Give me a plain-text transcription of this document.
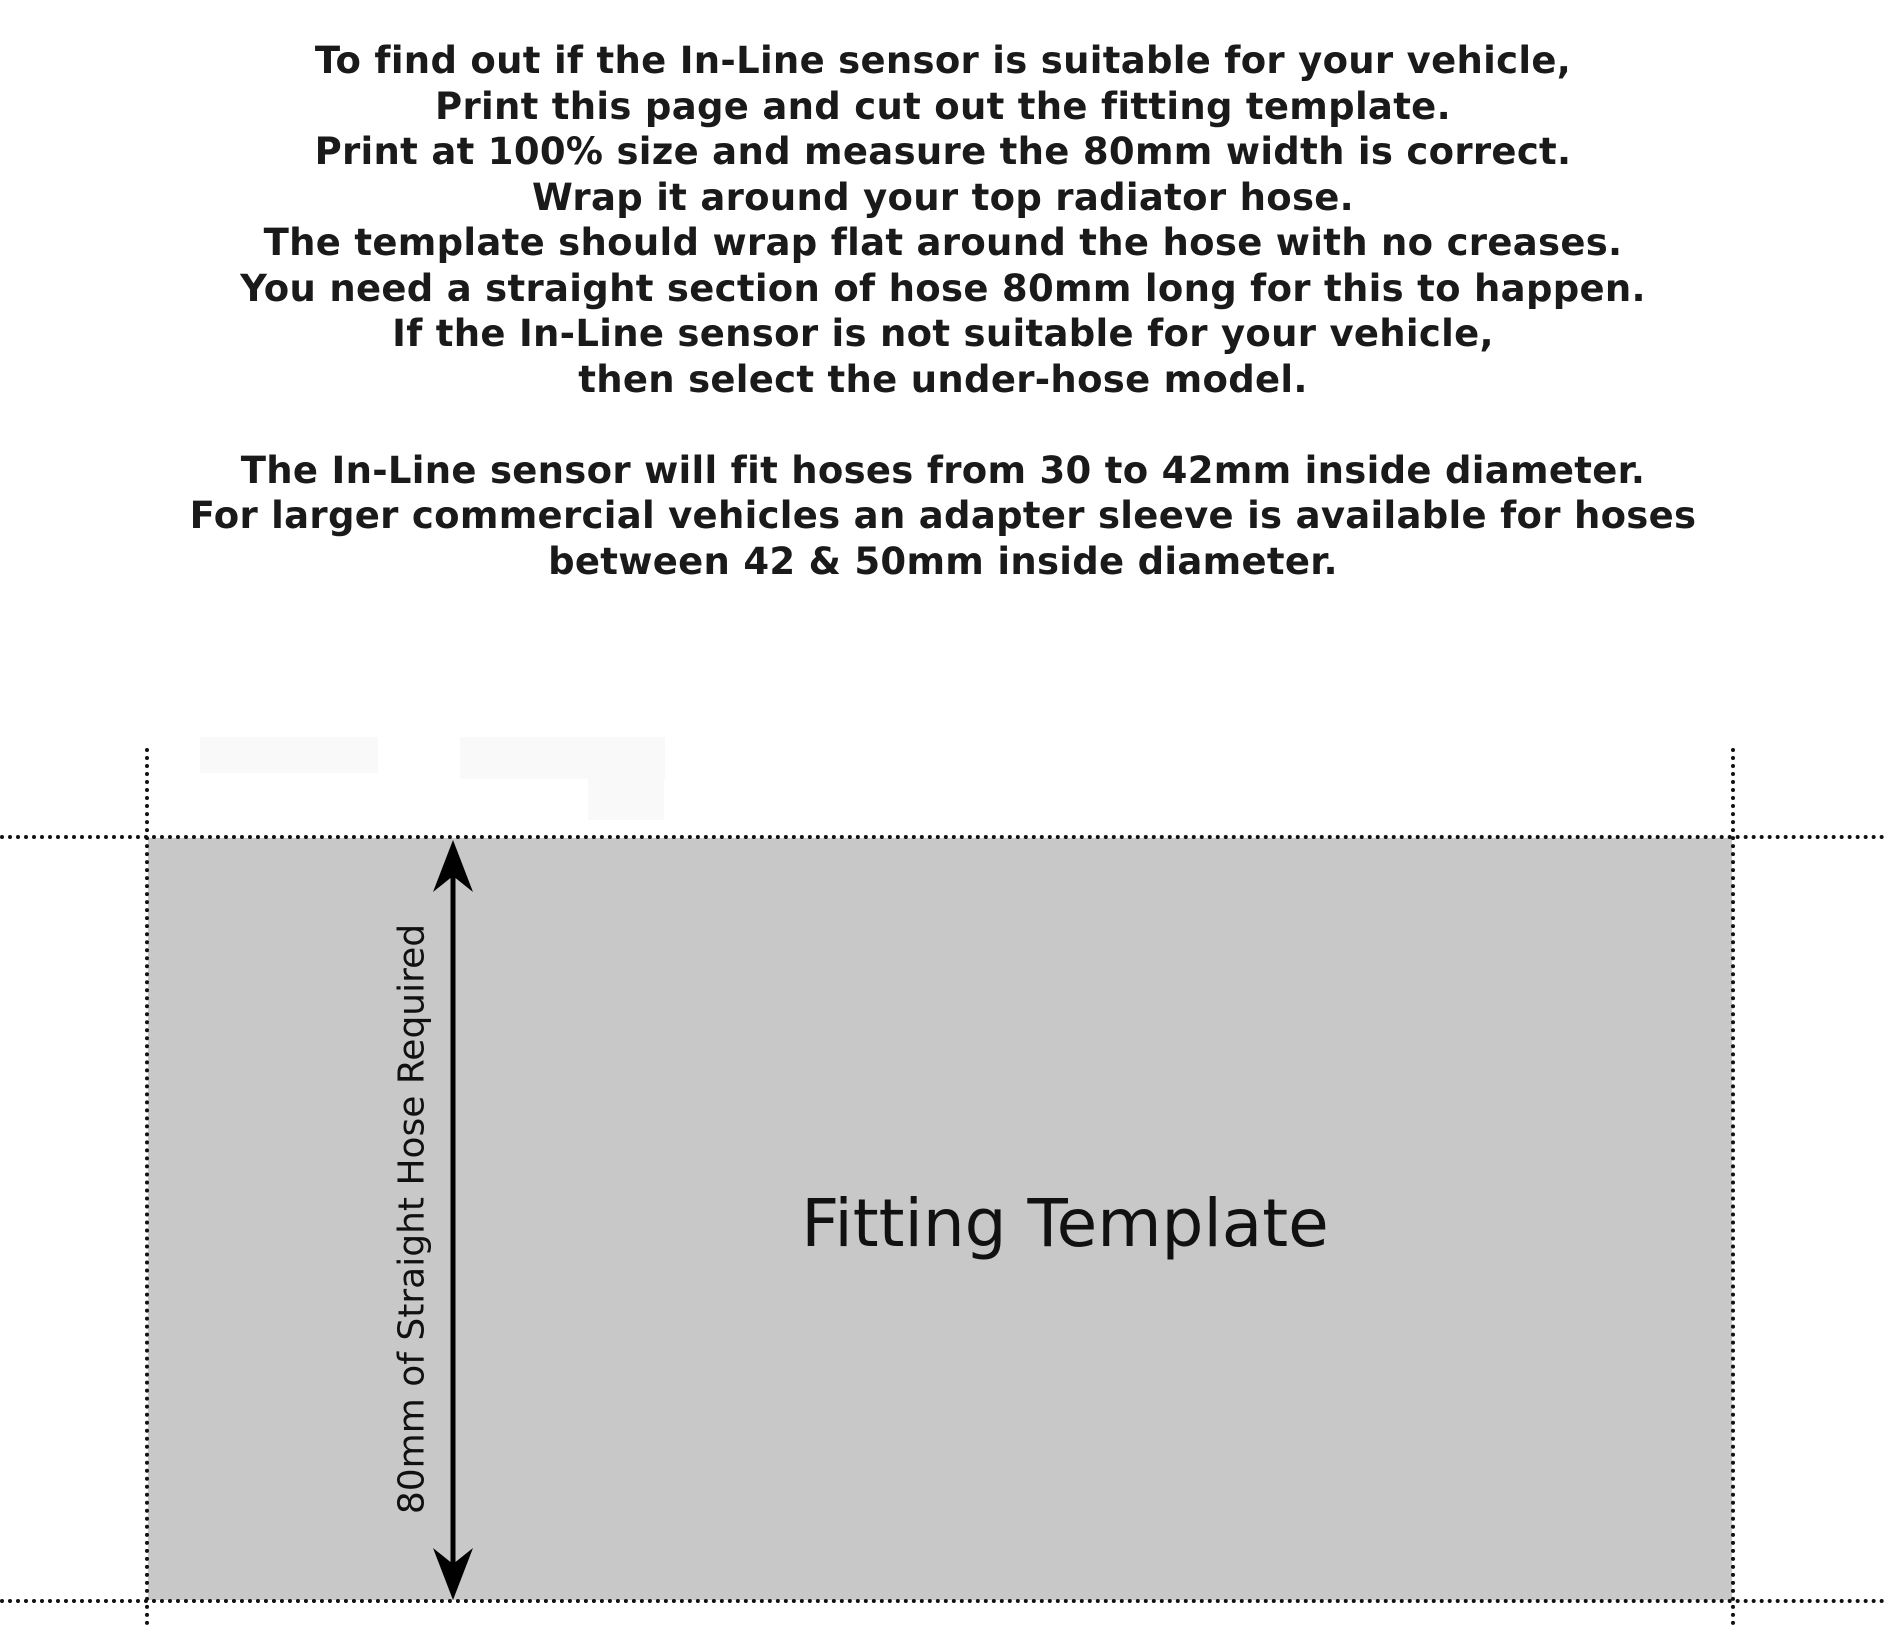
To find out if the In-Line sensor is suitable for your vehicle,
Print this page and cut out the fitting template.
Print at 100% size and measure the 80mm width is correct.
Wrap it around your top radiator hose.
The template should wrap flat around the hose with no creases.
You need a straight section of hose 80mm long for this to happen.
If the In-Line sensor is not suitable for your vehicle,
then select the under-hose model.
The In-Line sensor will fit hoses from 30 to 42mm inside diameter.
For larger commercial vehicles an adapter sleeve is available for hoses
between 42 & 50mm inside diameter.
80mm of Straight Hose Required	Fitting Template
